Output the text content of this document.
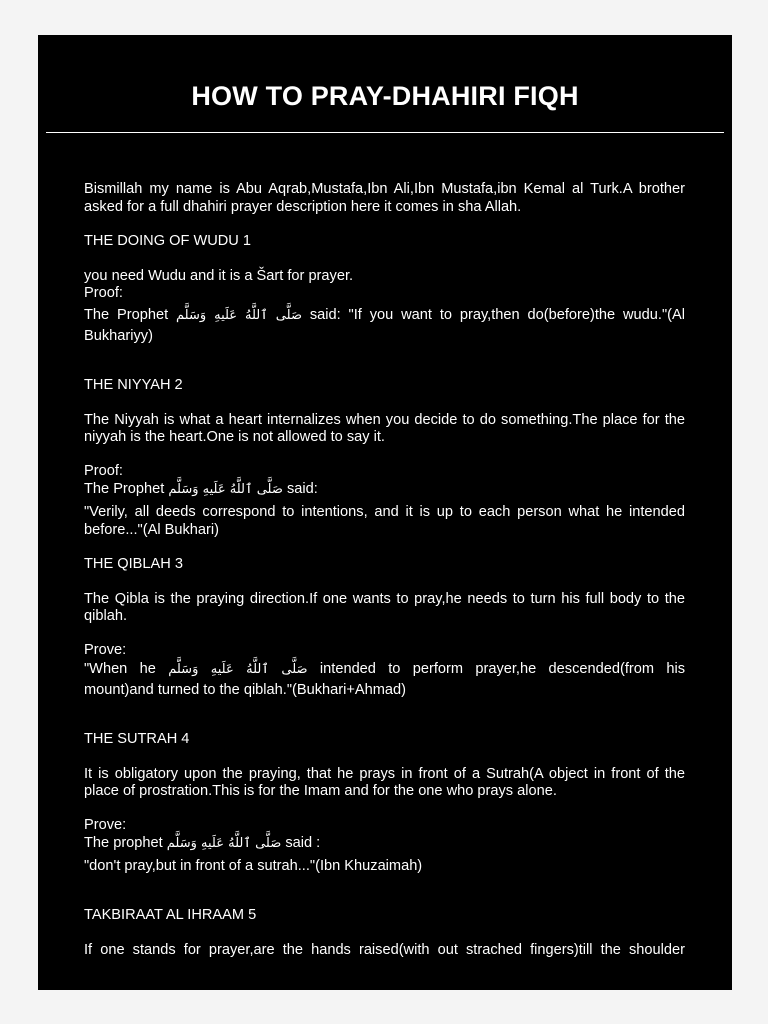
HOW TO PRAY-DHAHIRI FIQH

Bismillah my name is Abu Aqrab,Mustafa,Ibn Ali,Ibn Mustafa,ibn Kemal al Turk.A brother asked for a full dhahiri prayer description here it comes in sha Allah.

THE DOING OF WUDU 1

you need Wudu and it is a Šart for prayer.

Proof:

The Prophet صَلَّى ٱللَّهُ عَلَيهِ وَسَلَّم said: "If you want to pray,then do(before)the wudu."(Al

Bukhariyy)

THE NIYYAH 2

The Niyyah is what a heart internalizes when you decide to do something.The place for the niyyah is the heart.One is not allowed to say it.

Proof:

The Prophet صَلَّى ٱللَّهُ عَلَيهِ وَسَلَّم said:

"Verily, all deeds correspond to intentions, and it is up to each person what he intended before..."(Al Bukhari)

THE QIBLAH 3

The Qibla is the praying direction.If one wants to pray,he needs to turn his full body to the qiblah.

Prove:

"When he صَلَّى ٱللَّهُ عَلَيهِ وَسَلَّم intended to perform prayer,he descended(from his

mount)and turned to the qiblah."(Bukhari+Ahmad)

THE SUTRAH 4

It is obligatory upon the praying, that he prays in front of a Sutrah(A object in front of the place of prostration.This is for the Imam and for the one who prays alone.

Prove:

The prophet صَلَّى ٱللَّهُ عَلَيهِ وَسَلَّم said :

"don't pray,but in front of a sutrah..."(Ibn Khuzaimah)

TAKBIRAAT AL IHRAAM 5

If one stands for prayer,are the hands raised(with out strached fingers)till the shoulder
